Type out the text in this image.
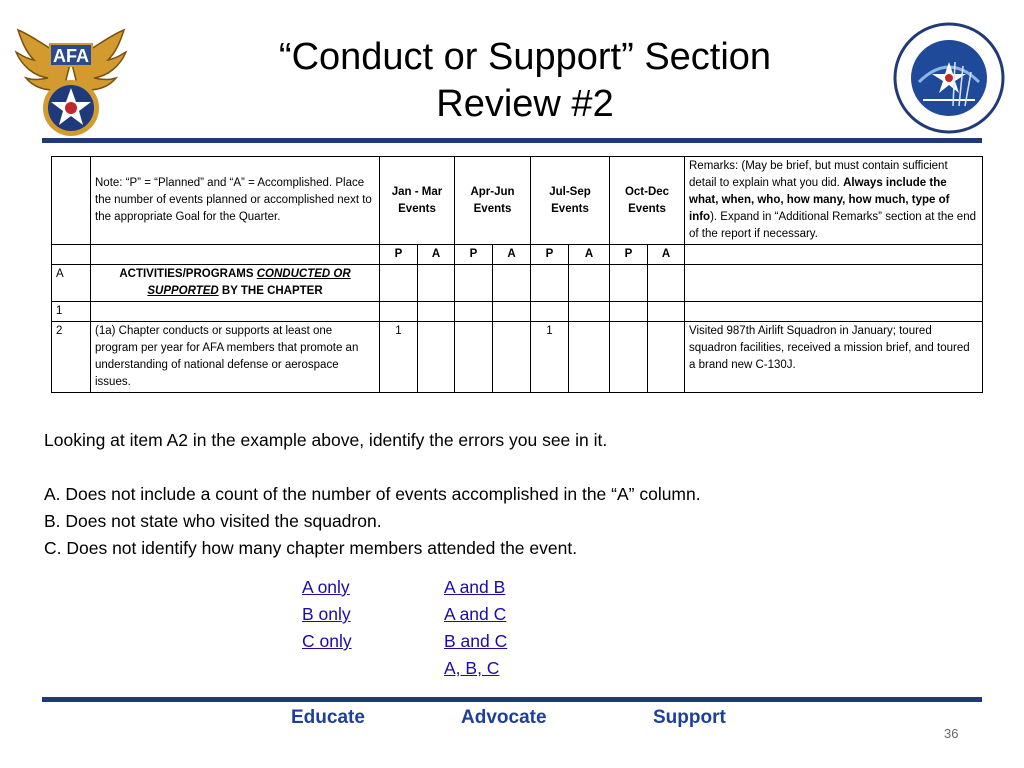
AFA	“Conduct or Support” Section
Review #2
	Note: “P” = “Planned” and “A” = Accomplished. Place the number of events planned or accomplished next to the appropriate Goal for the Quarter.	Jan - Mar Events		Apr-Jun Events		Jul-Sep Events		Oct-Dec Events		Remarks: (May be brief, but must contain sufficient detail to explain what you did. Always include the what, when, who, how many, how much, type of info). Expand in “Additional Remarks” section at the end of the report if necessary.
		P	A	P	A	P	A	P	A	
A	ACTIVITIES/PROGRAMS CONDUCTED OR SUPPORTED BY THE CHAPTER									
1										
2	(1a) Chapter conducts or supports at least one program per year for AFA members that promote an understanding of national defense or aerospace issues.	1				1				Visited 987th Airlift Squadron in January; toured squadron facilities, received a mission brief, and toured a brand new C-130J.

Looking at item A2 in the example above, identify the errors you see in it.

A. Does not include a count of the number of events accomplished in the “A” column.

B. Does not state who visited the squadron.

C. Does not identify how many chapter members attended the event.

A only
B only
C only
A and B
A and C
B and C
A, B, C
Educate	Advocate	Support
36
